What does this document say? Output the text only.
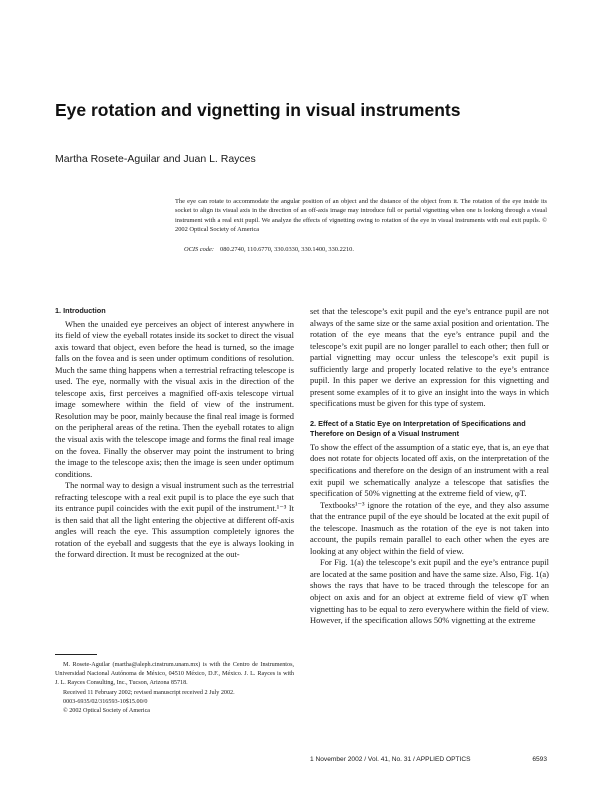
Eye rotation and vignetting in visual instruments

Martha Rosete-Aguilar and Juan L. Rayces

The eye can rotate to accommodate the angular position of an object and the distance of the object from it. The rotation of the eye inside its socket to align its visual axis in the direction of an off-axis image may introduce full or partial vignetting when one is looking through a visual instrument with a real exit pupil. We analyze the effects of vignetting owing to rotation of the eye in visual instruments with real exit pupils. © 2002 Optical Society of America

OCIS code: 080.2740, 110.6770, 330.0330, 330.1400, 330.2210.

1. Introduction

When the unaided eye perceives an object of interest anywhere in its field of view the eyeball rotates inside its socket to direct the visual axis toward that object, even before the head is turned, so the image falls on the fovea and is seen under optimum conditions of resolution. Much the same thing happens when a terrestrial refracting telescope is used. The eye, normally with the visual axis in the direction of the telescope axis, first perceives a magnified off-axis telescope virtual image somewhere within the field of view of the instrument. Resolution may be poor, mainly because the final real image is formed on the peripheral areas of the retina. Then the eyeball rotates to align the visual axis with the telescope image and forms the final real image on the fovea. Finally the observer may point the instrument to bring the image to the telescope axis; then the image is seen under optimum conditions.

The normal way to design a visual instrument such as the terrestrial refracting telescope with a real exit pupil is to place the eye such that its entrance pupil coincides with the exit pupil of the instrument.¹⁻³ It is then said that all the light entering the objective at different off-axis angles will reach the eye. This assumption completely ignores the rotation of the eyeball and suggests that the eye is always looking in the forward direction. It must be recognized at the out-

set that the telescope’s exit pupil and the eye’s entrance pupil are not always of the same size or the same axial position and orientation. The rotation of the eye means that the eye’s entrance pupil and the telescope’s exit pupil are no longer parallel to each other; then full or partial vignetting may occur unless the telescope’s exit pupil is sufficiently large and properly located relative to the eye’s entrance pupil. In this paper we derive an expression for this vignetting and present some examples of it to give an insight into the ways in which specifications must be given for this type of system.

2. Effect of a Static Eye on Interpretation of Specifications and Therefore on Design of a Visual Instrument

To show the effect of the assumption of a static eye, that is, an eye that does not rotate for objects located off axis, on the interpretation of the specifications and therefore on the design of an instrument with a real exit pupil we schematically analyze a telescope that satisfies the specification of 50% vignetting at the extreme field of view, φT.

Textbooks¹⁻³ ignore the rotation of the eye, and they also assume that the entrance pupil of the eye should be located at the exit pupil of the telescope. Inasmuch as the rotation of the eye is not taken into account, the pupils remain parallel to each other when the eyes are looking at any object within the field of view.

For Fig. 1(a) the telescope’s exit pupil and the eye’s entrance pupil are located at the same position and have the same size. Also, Fig. 1(a) shows the rays that have to be traced through the telescope for an object on axis and for an object at extreme field of view φT when vignetting has to be equal to zero everywhere within the field of view. However, if the specification allows 50% vignetting at the extreme

M. Rosete-Aguilar (martha@aleph.cinstrum.unam.mx) is with the Centro de Instrumentos, Universidad Nacional Autónoma de México, 04510 México, D.F., México. J. L. Rayces is with J. L. Rayces Consulting, Inc., Tucson, Arizona 85718.

Received 11 February 2002; revised manuscript received 2 July 2002.

0003-6935/02/316593-10$15.00/0

© 2002 Optical Society of America

1 November 2002 / Vol. 41, No. 31 / APPLIED OPTICS	6593
